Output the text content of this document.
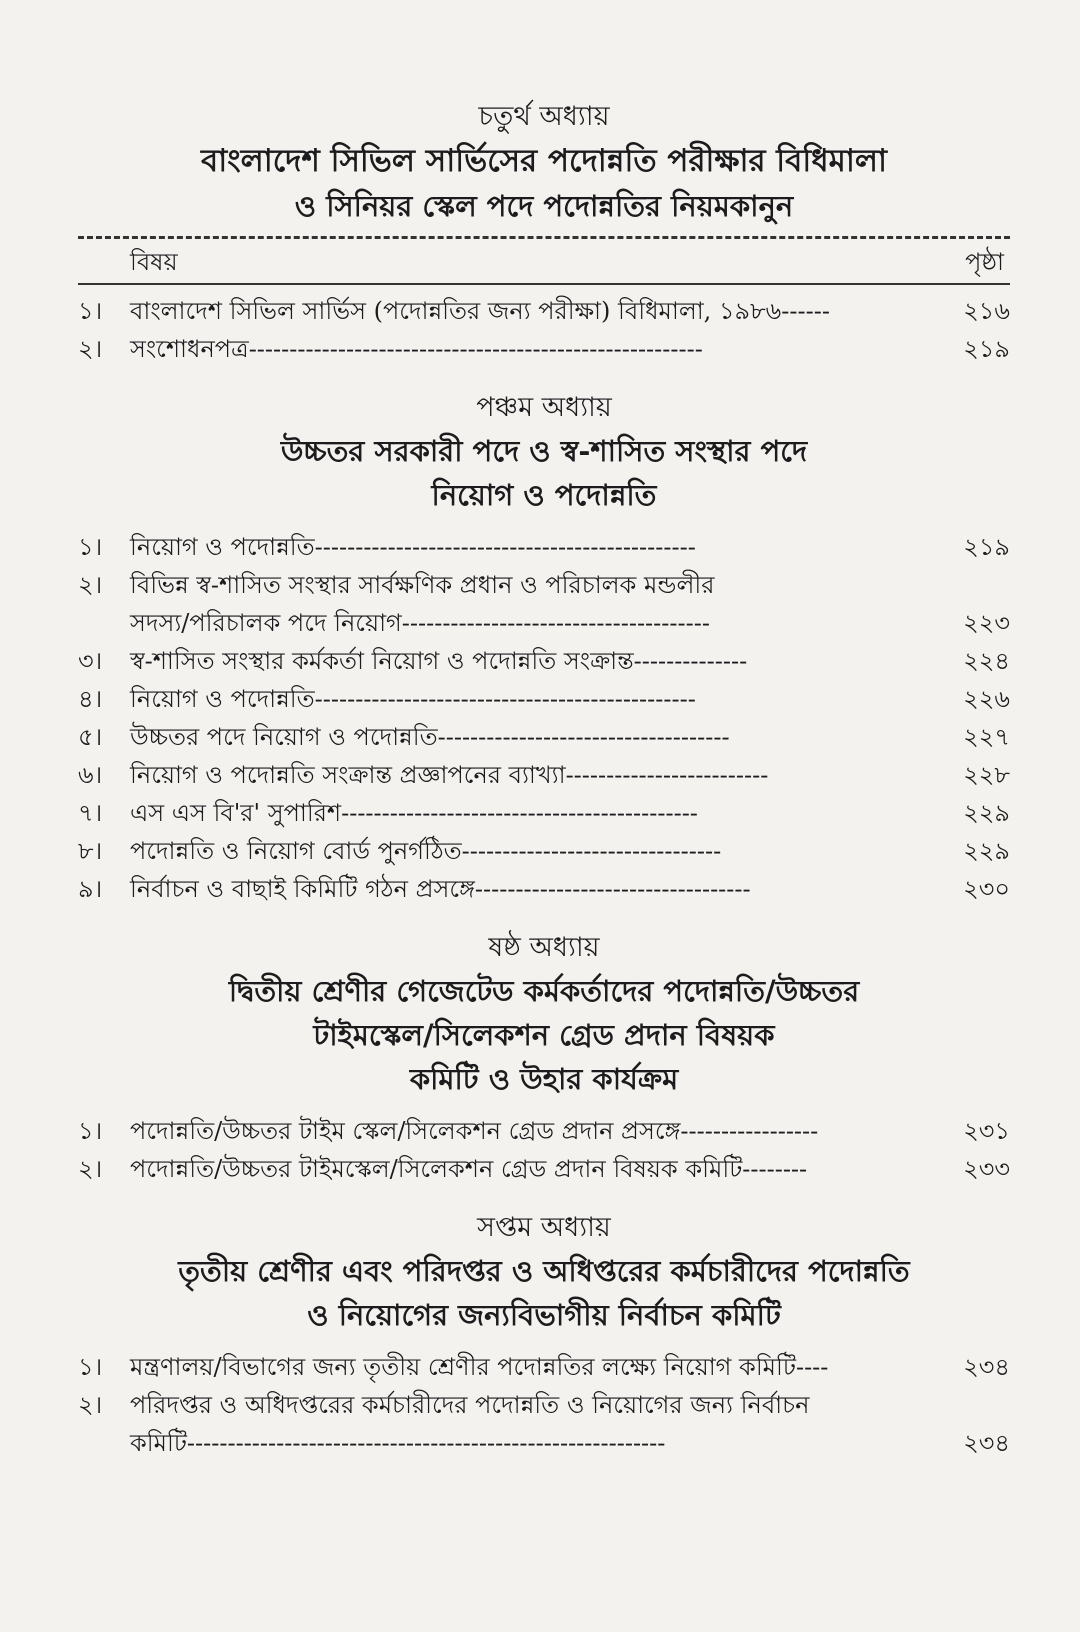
চতুর্থ অধ্যায়

বাংলাদেশ সিভিল সার্ভিসের পদোন্নতি পরীক্ষার বিধিমালা

ও সিনিয়র স্কেল পদে পদোন্নতির নিয়মকানুন

বিষয়	পৃষ্ঠা
১।	বাংলাদেশ সিভিল সার্ভিস (পদোন্নতির জন্য পরীক্ষা) বিধিমালা, ১৯৮৬------	২১৬
২।	সংশোধনপত্র--------------------------------------------------------	২১৯

পঞ্চম অধ্যায়

উচ্চতর সরকারী পদে ও স্ব-শাসিত সংস্থার পদে

নিয়োগ ও পদোন্নতি

১।	নিয়োগ ও পদোন্নতি-----------------------------------------------	২১৯
২।	বিভিন্ন স্ব-শাসিত সংস্থার সার্বক্ষণিক প্রধান ও পরিচালক মন্ডলীর
সদস্য/পরিচালক পদে নিয়োগ--------------------------------------	২২৩
৩।	স্ব-শাসিত সংস্থার কর্মকর্তা নিয়োগ ও পদোন্নতি সংক্রান্ত--------------	২২৪
৪।	নিয়োগ ও পদোন্নতি-----------------------------------------------	২২৬
৫।	উচ্চতর পদে নিয়োগ ও পদোন্নতি------------------------------------	২২৭
৬।	নিয়োগ ও পদোন্নতি সংক্রান্ত প্রজ্ঞাপনের ব্যাখ্যা-------------------------	২২৮
৭।	এস এস বি'র' সুপারিশ--------------------------------------------	২২৯
৮।	পদোন্নতি ও নিয়োগ বোর্ড পুনর্গঠিত--------------------------------	২২৯
৯।	নির্বাচন ও বাছাই কিমিটি গঠন প্রসঙ্গে----------------------------------	২৩০

ষষ্ঠ অধ্যায়

দ্বিতীয় শ্রেণীর গেজেটেড কর্মকর্তাদের পদোন্নতি/উচ্চতর

টাইমস্কেল/সিলেকশন গ্রেড প্রদান বিষয়ক

কমিটি ও উহার কার্যক্রম

১।	পদোন্নতি/উচ্চতর টাইম স্কেল/সিলেকশন গ্রেড প্রদান প্রসঙ্গে-----------------	২৩১
২।	পদোন্নতি/উচ্চতর টাইমস্কেল/সিলেকশন গ্রেড প্রদান বিষয়ক কমিটি--------	২৩৩

সপ্তম অধ্যায়

তৃতীয় শ্রেণীর এবং পরিদপ্তর ও অধিপ্তরের কর্মচারীদের পদোন্নতি

ও নিয়োগের জন্যবিভাগীয় নির্বাচন কমিটি

১।	মন্ত্রণালয়/বিভাগের জন্য তৃতীয় শ্রেণীর পদোন্নতির লক্ষ্যে নিয়োগ কমিটি----	২৩৪
২।	পরিদপ্তর ও অধিদপ্তরের কর্মচারীদের পদোন্নতি ও নিয়োগের জন্য নির্বাচন
কমিটি-----------------------------------------------------------	২৩৪
